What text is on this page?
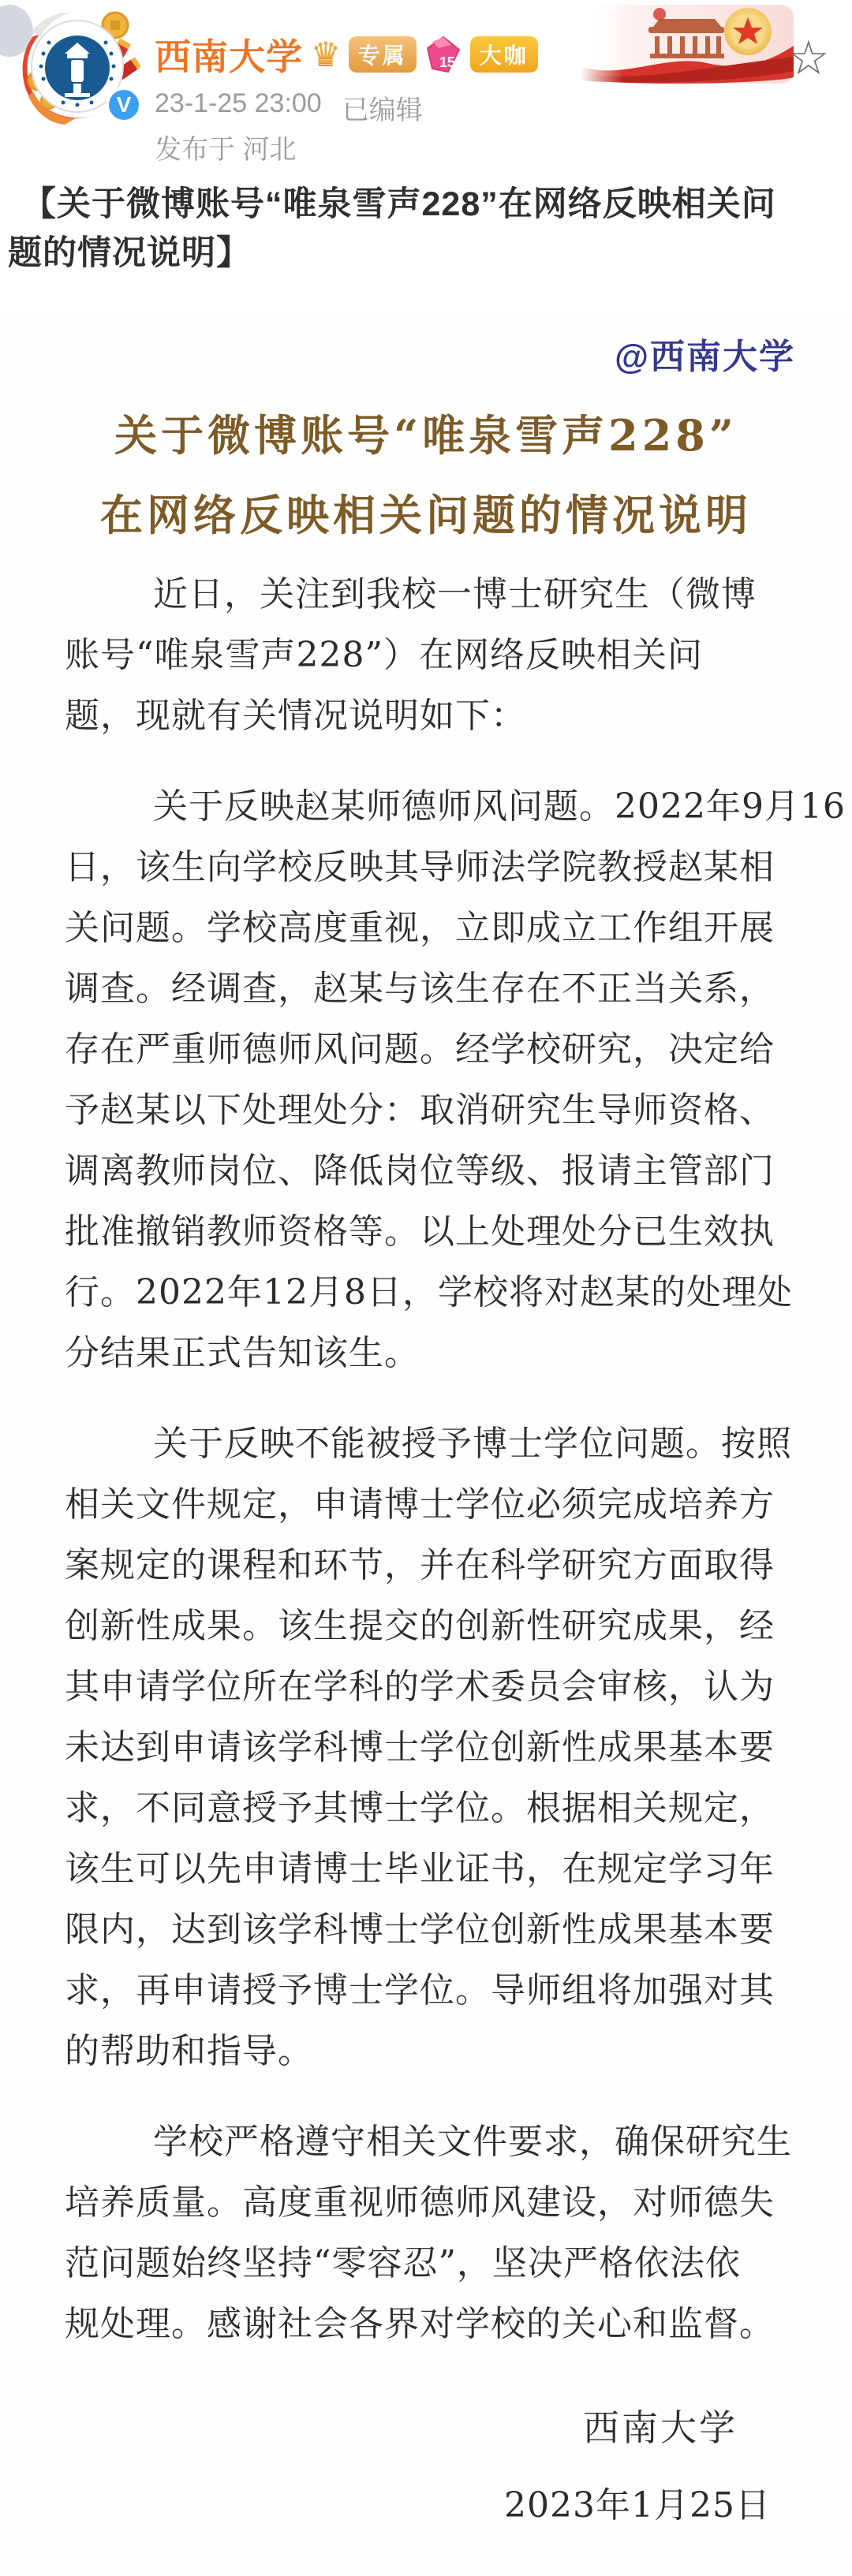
V
西南大学 ♛ 专属	15	大咖
23-1-25 23:00 已编辑
发布于 河北
☆
【关于微博账号“唯泉雪声228”在网络反映相关问
题的情况说明】
@西南大学
关于微博账号“唯泉雪声228”
在网络反映相关问题的情况说明
近日，关注到我校一博士研究生（微博
账号“唯泉雪声228”）在网络反映相关问
题，现就有关情况说明如下：
关于反映赵某师德师风问题。2022年9月16
日，该生向学校反映其导师法学院教授赵某相
关问题。学校高度重视，立即成立工作组开展
调查。经调查，赵某与该生存在不正当关系，
存在严重师德师风问题。经学校研究，决定给
予赵某以下处理处分：取消研究生导师资格、
调离教师岗位、降低岗位等级、报请主管部门
批准撤销教师资格等。以上处理处分已生效执
行。2022年12月8日，学校将对赵某的处理处
分结果正式告知该生。
关于反映不能被授予博士学位问题。按照
相关文件规定，申请博士学位必须完成培养方
案规定的课程和环节，并在科学研究方面取得
创新性成果。该生提交的创新性研究成果，经
其申请学位所在学科的学术委员会审核，认为
未达到申请该学科博士学位创新性成果基本要
求，不同意授予其博士学位。根据相关规定，
该生可以先申请博士毕业证书，在规定学习年
限内，达到该学科博士学位创新性成果基本要
求，再申请授予博士学位。导师组将加强对其
的帮助和指导。
学校严格遵守相关文件要求，确保研究生
培养质量。高度重视师德师风建设，对师德失
范问题始终坚持“零容忍”，坚决严格依法依
规处理。感谢社会各界对学校的关心和监督。
西南大学
2023年1月25日
